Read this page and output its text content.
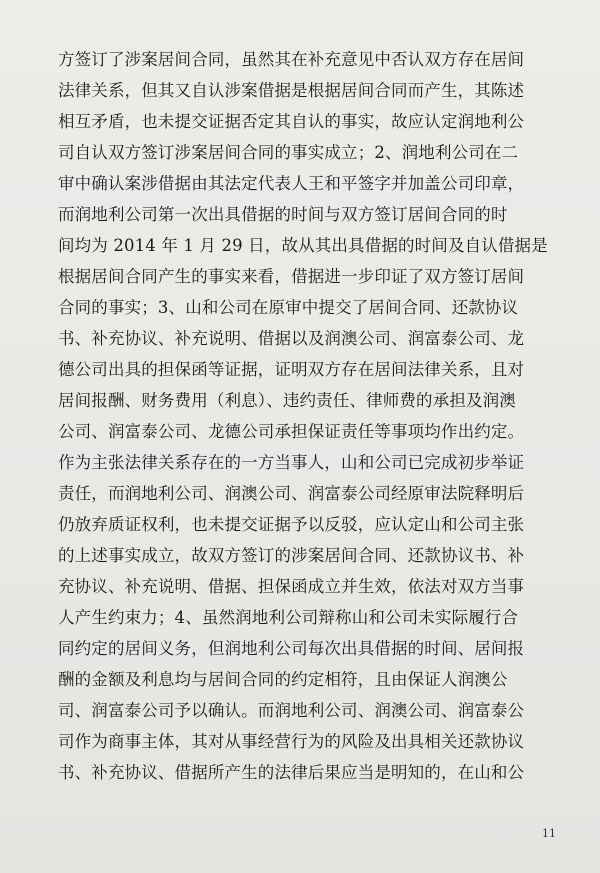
方签订了涉案居间合同，虽然其在补充意见中否认双方存在居间
法律关系，但其又自认涉案借据是根据居间合同而产生，其陈述
相互矛盾，也未提交证据否定其自认的事实，故应认定润地利公
司自认双方签订涉案居间合同的事实成立；2、润地利公司在二
审中确认案涉借据由其法定代表人王和平签字并加盖公司印章，
而润地利公司第一次出具借据的时间与双方签订居间合同的时
间均为 2014 年 1 月 29 日，故从其出具借据的时间及自认借据是
根据居间合同产生的事实来看，借据进一步印证了双方签订居间
合同的事实；3、山和公司在原审中提交了居间合同、还款协议
书、补充协议、补充说明、借据以及润澳公司、润富泰公司、龙
德公司出具的担保函等证据，证明双方存在居间法律关系，且对
居间报酬、财务费用（利息）、违约责任、律师费的承担及润澳
公司、润富泰公司、龙德公司承担保证责任等事项均作出约定。
作为主张法律关系存在的一方当事人，山和公司已完成初步举证
责任，而润地利公司、润澳公司、润富泰公司经原审法院释明后
仍放弃质证权利，也未提交证据予以反驳，应认定山和公司主张
的上述事实成立，故双方签订的涉案居间合同、还款协议书、补
充协议、补充说明、借据、担保函成立并生效，依法对双方当事
人产生约束力；4、虽然润地利公司辩称山和公司未实际履行合
同约定的居间义务，但润地利公司每次出具借据的时间、居间报
酬的金额及利息均与居间合同的约定相符，且由保证人润澳公
司、润富泰公司予以确认。而润地利公司、润澳公司、润富泰公
司作为商事主体，其对从事经营行为的风险及出具相关还款协议
书、补充协议、借据所产生的法律后果应当是明知的，在山和公
11
